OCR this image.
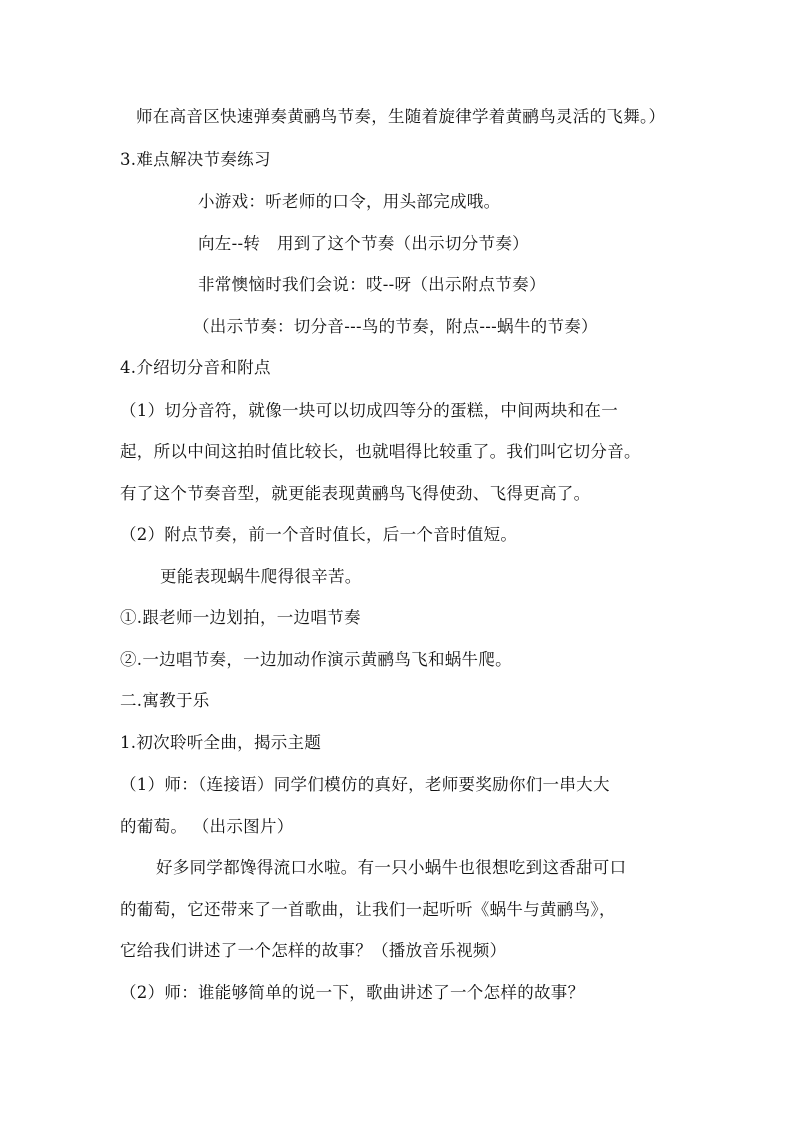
师在高音区快速弹奏黄鹂鸟节奏，生随着旋律学着黄鹂鸟灵活的飞舞。）
3.难点解决节奏练习
小游戏：听老师的口令，用头部完成哦。
向左--转　用到了这个节奏（出示切分节奏）
非常懊恼时我们会说：哎--呀（出示附点节奏）
（出示节奏：切分音---鸟的节奏，附点---蜗牛的节奏）
4.介绍切分音和附点
（1）切分音符，就像一块可以切成四等分的蛋糕，中间两块和在一
起，所以中间这拍时值比较长，也就唱得比较重了。我们叫它切分音。
有了这个节奏音型，就更能表现黄鹂鸟飞得使劲、飞得更高了。
（2）附点节奏，前一个音时值长，后一个音时值短。
更能表现蜗牛爬得很辛苦。
①.跟老师一边划拍，一边唱节奏
②.一边唱节奏，一边加动作演示黄鹂鸟飞和蜗牛爬。
二.寓教于乐
1.初次聆听全曲，揭示主题
（1）师：（连接语）同学们模仿的真好，老师要奖励你们一串大大
的葡萄。 （出示图片）
好多同学都馋得流口水啦。有一只小蜗牛也很想吃到这香甜可口
的葡萄，它还带来了一首歌曲，让我们一起听听《蜗牛与黄鹂鸟》，
它给我们讲述了一个怎样的故事？（播放音乐视频）
（2）师：谁能够简单的说一下，歌曲讲述了一个怎样的故事？
